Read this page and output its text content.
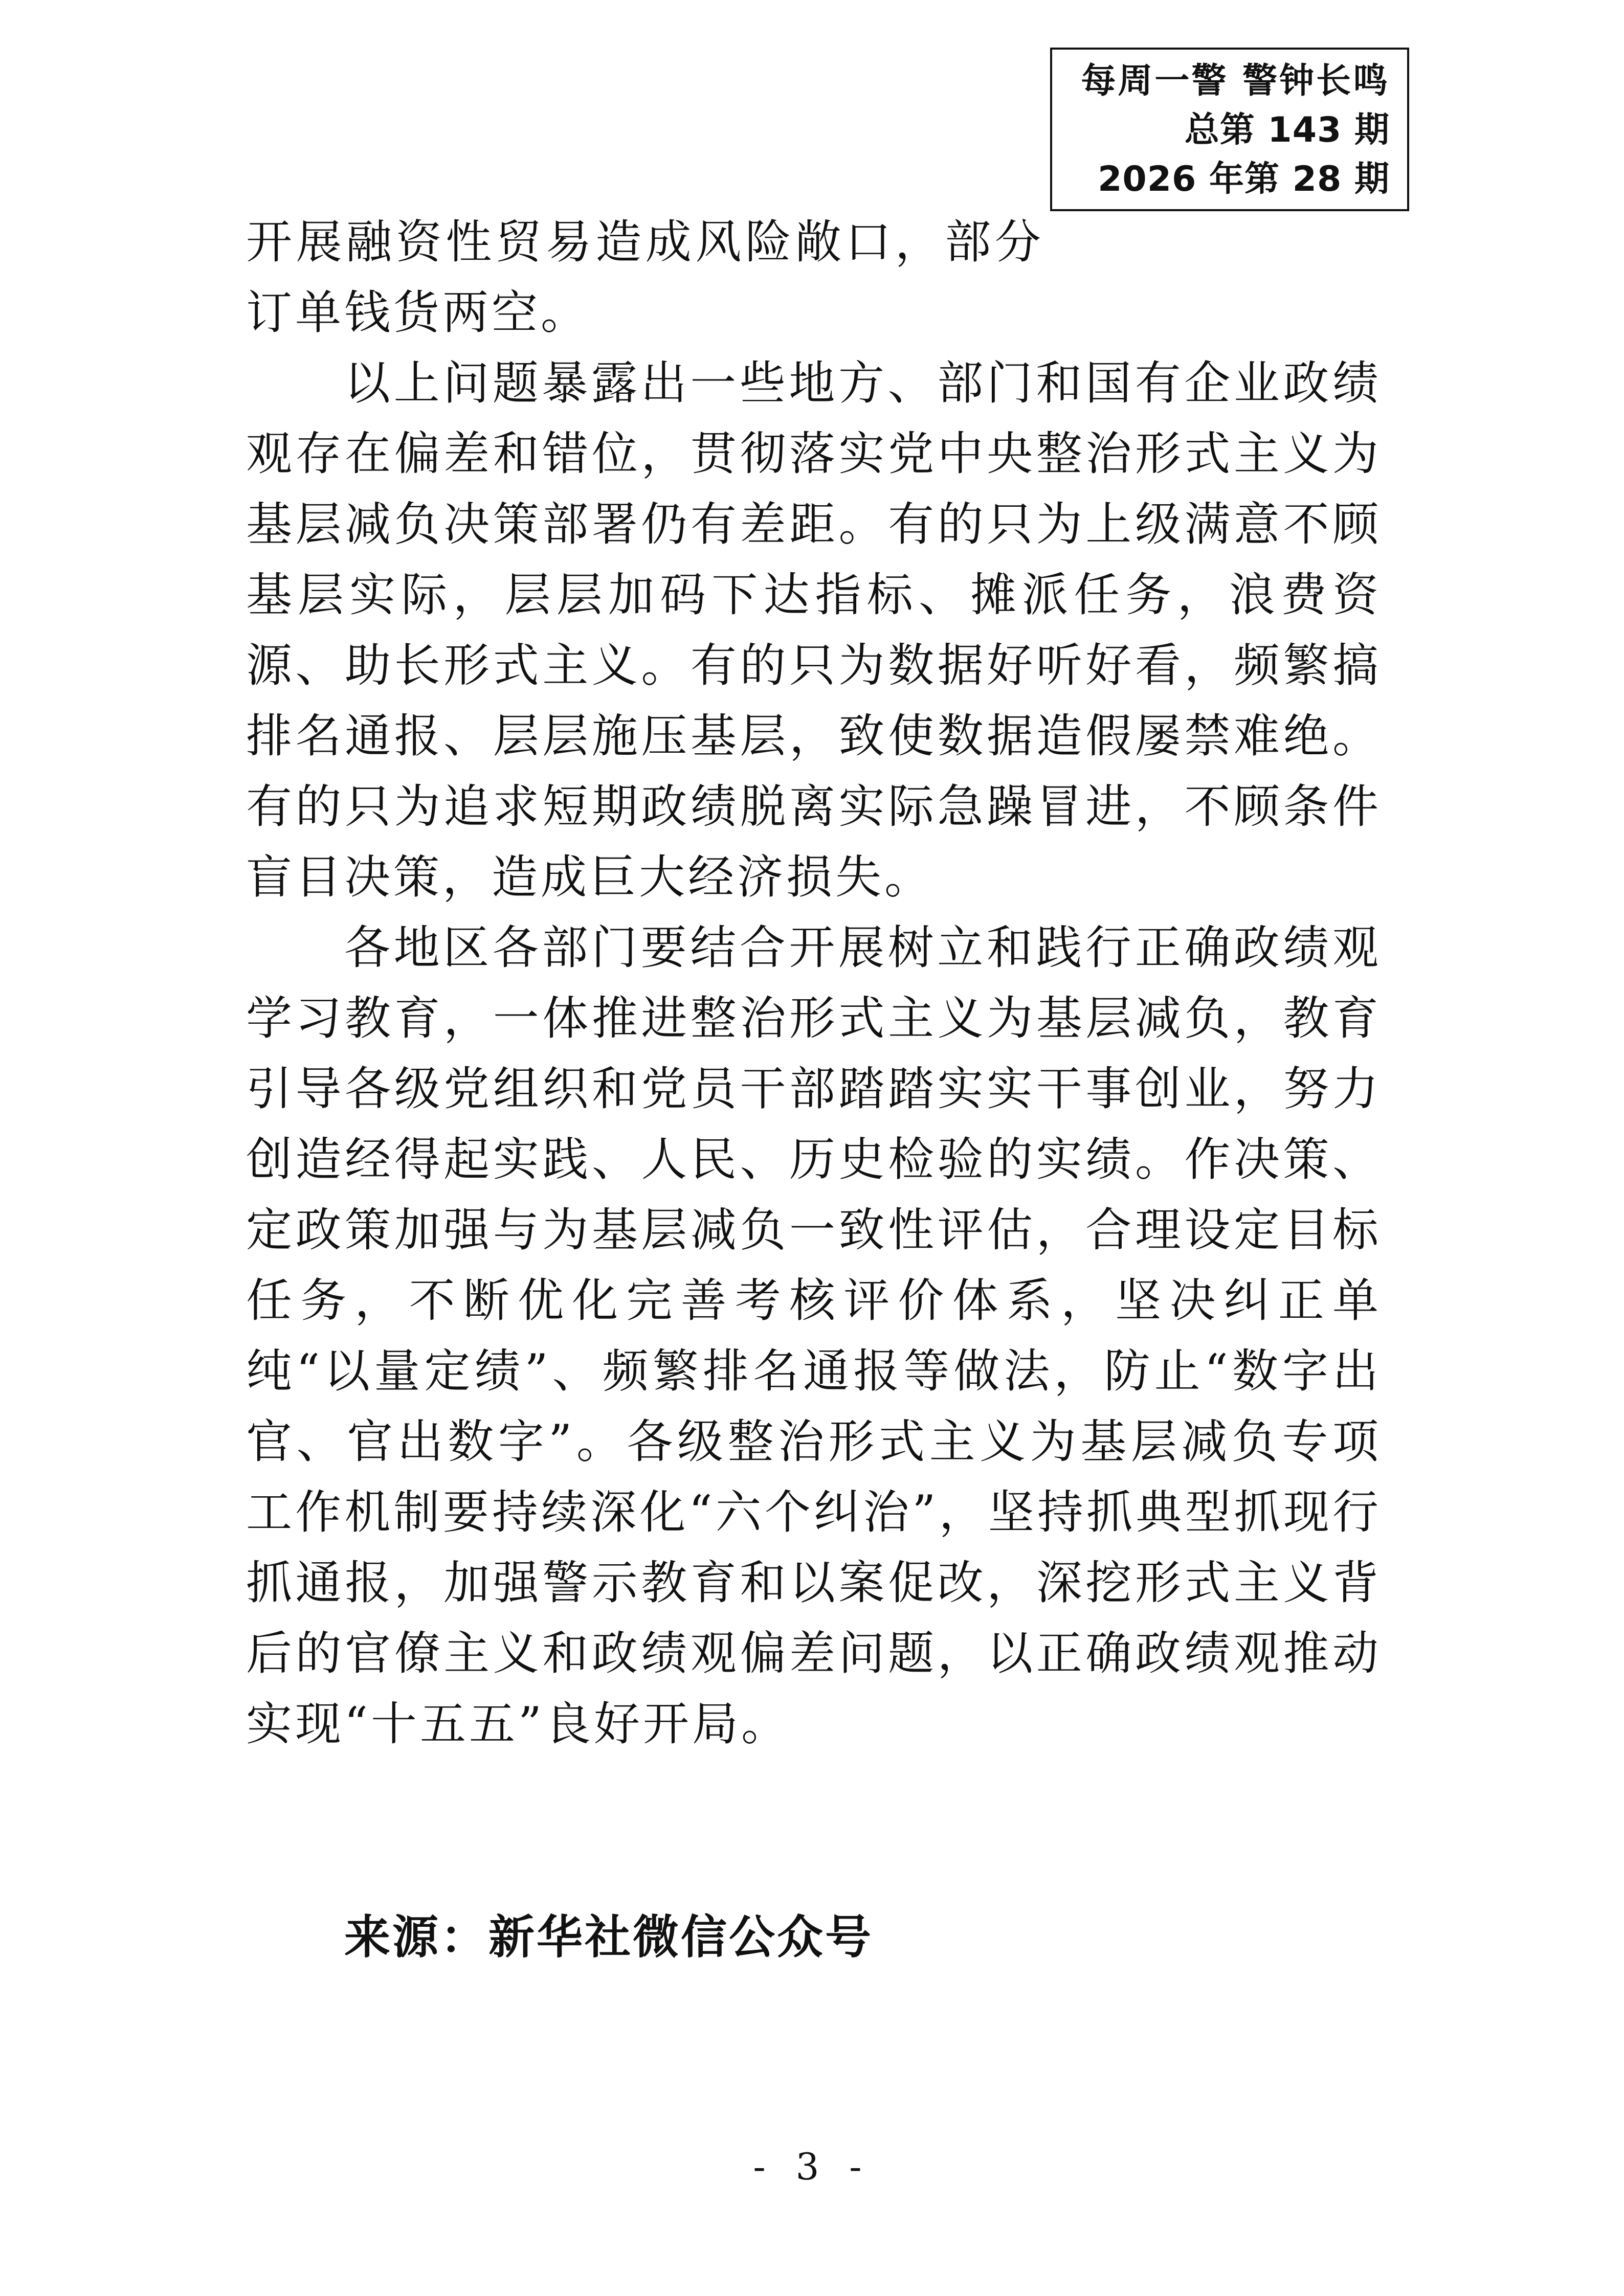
每周一警 警钟长鸣
总第 143 期
2026 年第 28 期

开展融资性贸易造成风险敞口，部分订单钱货两空。

以上问题暴露出一些地方、部门和国有企业政绩观存在偏差和错位，贯彻落实党中央整治形式主义为基层减负决策部署仍有差距。有的只为上级满意不顾基层实际，层层加码下达指标、摊派任务，浪费资源、助长形式主义。有的只为数据好听好看，频繁搞排名通报、层层施压基层，致使数据造假屡禁难绝。有的只为追求短期政绩脱离实际急躁冒进，不顾条件盲目决策，造成巨大经济损失。

各地区各部门要结合开展树立和践行正确政绩观学习教育，一体推进整治形式主义为基层减负，教育引导各级党组织和党员干部踏踏实实干事创业，努力创造经得起实践、人民、历史检验的实绩。作决策、定政策加强与为基层减负一致性评估，合理设定目标任务，不断优化完善考核评价体系，坚决纠正单纯“以量定绩”、频繁排名通报等做法，防止“数字出官、官出数字”。各级整治形式主义为基层减负专项工作机制要持续深化“六个纠治”，坚持抓典型抓现行抓通报，加强警示教育和以案促改，深挖形式主义背后的官僚主义和政绩观偏差问题，以正确政绩观推动实现“十五五”良好开局。

来源：新华社微信公众号
- 3 -
